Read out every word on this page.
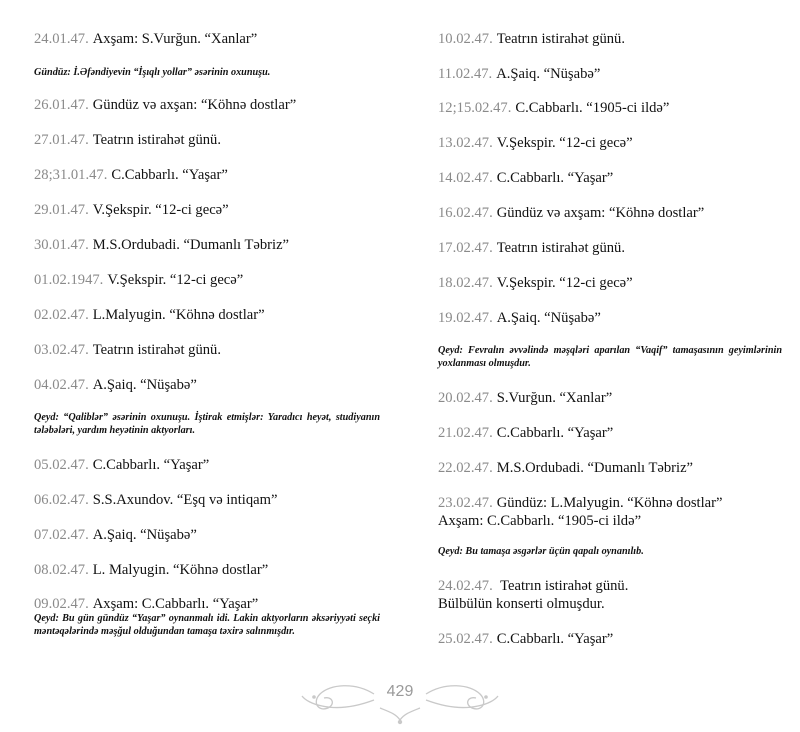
24.01.47. Axşam: S.Vurğun. “Xanlar”
Gündüz: İ.Əfəndiyevin “İşıqlı yollar” əsərinin oxunuşu.
26.01.47. Gündüz və axşan: “Köhnə dostlar”
27.01.47. Teatrın istirahət günü.
28;31.01.47. C.Cabbarlı. “Yaşar”
29.01.47. V.Şekspir. “12-ci gecə”
30.01.47. M.S.Ordubadi. “Dumanlı Təbriz”
01.02.1947. V.Şekspir. “12-ci gecə”
02.02.47. L.Malyugin. “Köhnə dostlar”
03.02.47. Teatrın istirahət günü.
04.02.47. A.Şaiq. “Nüşabə”
Qeyd: “Qaliblər” əsərinin oxunuşu. İştirak etmişlər: Yaradıcı heyət, studiyanın tələbələri, yardım heyətinin aktyorları.
05.02.47. C.Cabbarlı. “Yaşar”
06.02.47. S.S.Axundov. “Eşq və intiqam”
07.02.47. A.Şaiq. “Nüşabə”
08.02.47. L. Malyugin. “Köhnə dostlar”
09.02.47. Axşam: C.Cabbarlı. “Yaşar”
Qeyd: Bu gün gündüz “Yaşar” oynanmalı idi. Lakin aktyorların əksəriyyəti seçki məntəqələrində məşğul olduğundan tamaşa təxirə salınmışdır.
10.02.47. Teatrın istirahət günü.
11.02.47. A.Şaiq. “Nüşabə”
12;15.02.47. C.Cabbarlı. “1905-ci ildə”
13.02.47. V.Şekspir. “12-ci gecə”
14.02.47. C.Cabbarlı. “Yaşar”
16.02.47. Gündüz və axşam: “Köhnə dostlar”
17.02.47. Teatrın istirahət günü.
18.02.47. V.Şekspir. “12-ci gecə”
19.02.47. A.Şaiq. “Nüşabə”
Qeyd: Fevralın əvvəlində məşqləri aparılan “Vaqif” tamaşasının geyimlərinin yoxlanması olmuşdur.
20.02.47. S.Vurğun. “Xanlar”
21.02.47. C.Cabbarlı. “Yaşar”
22.02.47. M.S.Ordubadi. “Dumanlı Təbriz”
23.02.47. Gündüz: L.Malyugin. “Köhnə dostlar”
Axşam: C.Cabbarlı. “1905-ci ildə”
Qeyd: Bu tamaşa əsgərlər üçün qapalı oynanılıb.
24.02.47. Teatrın istirahət günü.
Bülbülün konserti olmuşdur.
25.02.47. C.Cabbarlı. “Yaşar”
429
